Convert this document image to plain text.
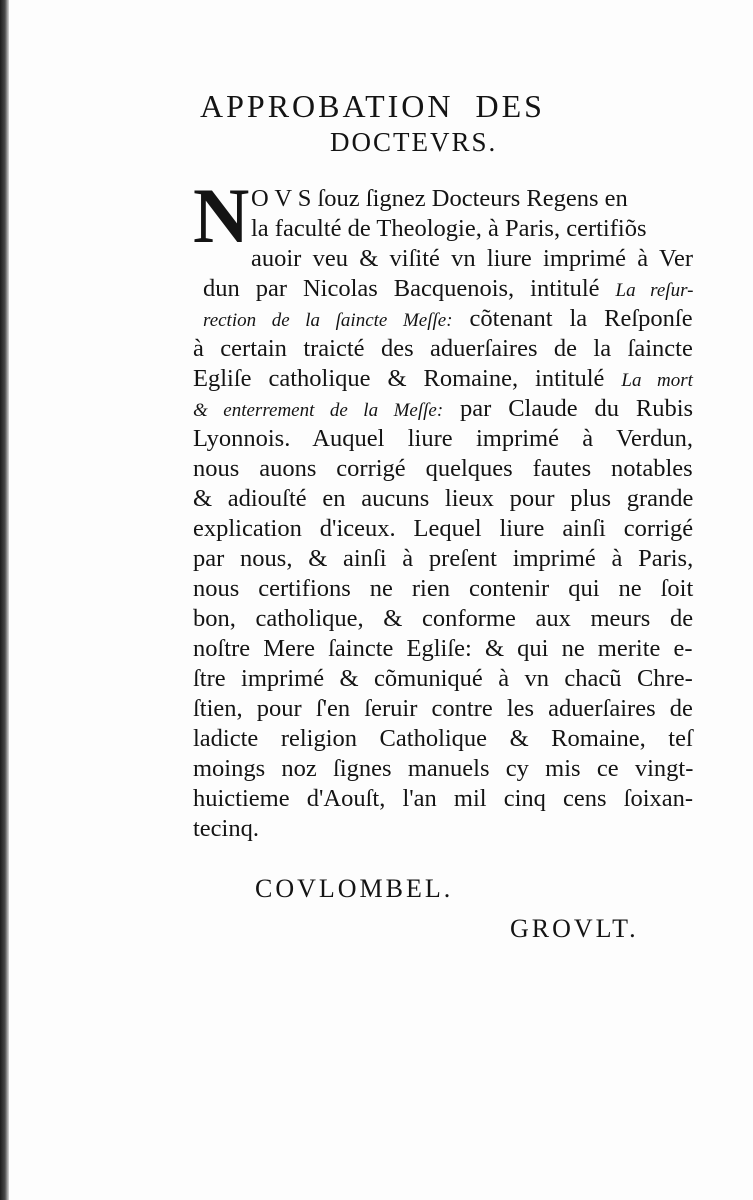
APPROBATION  DES
DOCTEVRS.
N O V S ſouz ſignez Docteurs Regens en
la faculté de Theologie, à Paris, certifiõs
auoir veu & viſité vn liure imprimé à Ver
dun par Nicolas Bacquenois, intitulé La reſur-
rection de la ſaincte Meſſe: cõtenant la Reſponſe
à certain traicté des aduerſaires de la ſaincte
Egliſe catholique & Romaine, intitulé La mort
& enterrement de la Meſſe: par Claude du Rubis
Lyonnois. Auquel liure imprimé à Verdun,
nous auons corrigé quelques fautes notables
& adiouſté en aucuns lieux pour plus grande
explication d'iceux. Lequel liure ainſi corrigé
par nous, & ainſi à preſent imprimé à Paris,
nous certifions ne rien contenir qui ne ſoit
bon, catholique, & conforme aux meurs de
noſtre Mere ſaincte Egliſe: & qui ne merite e-
ſtre imprimé & cõmuniqué à vn chacũ Chre-
ſtien, pour ſ'en ſeruir contre les aduerſaires de
ladicte religion Catholique & Romaine, teſ
moings noz ſignes manuels cy mis ce vingt-
huictieme d'Aouſt, l'an mil cinq cens ſoixan-
tecinq.
COVLOMBEL.
GROVLT.
